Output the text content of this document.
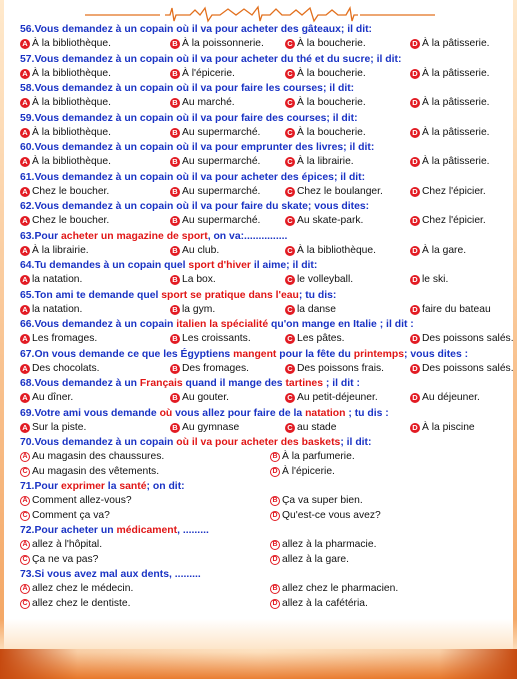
56.Vous demandez à un copain où il va pour acheter des gâteaux; il dit:
A À la bibliothèque.	B À la poissonnerie.	C À la boucherie.	D À la pâtisserie.
57.Vous demandez à un copain où il va pour acheter du thé et du sucre; il dit:
A À la bibliothèque.	B À l'épicerie.	C À la boucherie.	D À la pâtisserie.
58.Vous demandez à un copain où il va pour faire les courses; il dit:
A À la bibliothèque.	B Au marché.	C À la boucherie.	D À la pâtisserie.
59.Vous demandez à un copain où il va pour faire des courses; il dit:
A À la bibliothèque.	B Au supermarché.	C À la boucherie.	D À la pâtisserie.
60.Vous demandez à un copain où il va pour emprunter des livres; il dit:
A À la bibliothèque.	B Au supermarché.	C À la librairie.	D À la pâtisserie.
61.Vous demandez à un copain où il va pour acheter des épices; il dit:
A Chez le boucher.	B Au supermarché.	C Chez le boulanger.	D Chez l'épicier.
62.Vous demandez à un copain où il va pour faire du skate; vous dites:
A Chez le boucher.	B Au supermarché.	C Au skate-park.	D Chez l'épicier.
63.Pour acheter un magazine de sport, on va:...............
A À la librairie.	B Au club.	C À la bibliothèque.	D À la gare.
64.Tu demandes à un copain quel sport d'hiver il aime; il dit:
A la natation.	B La box.	C le volleyball.	D le ski.
65.Ton ami te demande quel sport se pratique dans l'eau; tu dis:
A la natation.	B la gym.	C la danse	D faire du bateau
66.Vous demandez à un copain italien la spécialité qu'on mange en Italie ; il dit :
A Les fromages.	B Les croissants.	C Les pâtes.	D Des poissons salés.
67.On vous demande ce que les Égyptiens mangent pour la fête du printemps; vous dites :
A Des chocolats.	B Des fromages.	C Des poissons frais.	D Des poissons salés.
68.Vous demandez à un Français quand il mange des tartines ; il dit :
A Au dîner.	B Au gouter.	C Au petit-déjeuner.	D Au déjeuner.
69.Votre ami vous demande où vous allez pour faire de la natation ; tu dis :
A Sur la piste.	B Au gymnase	C au stade	D À la piscine
70.Vous demandez à un copain où il va pour acheter des baskets; il dit:
A Au magasin des chaussures.	B À la parfumerie.
C Au magasin des vêtements.	D À l'épicerie.
71.Pour exprimer la santé; on dit:
A Comment allez-vous?	B Ça va super bien.
C Comment ça va?	D Qu'est-ce vous avez?
72.Pour acheter un médicament, .........
A allez à l'hôpital.	B allez à la pharmacie.
C Ça ne va pas?	D allez à la gare.
73.Si vous avez mal aux dents, .........
A allez chez le médecin.	B allez chez le pharmacien.
C allez chez le dentiste.	D allez à la cafétéria.
